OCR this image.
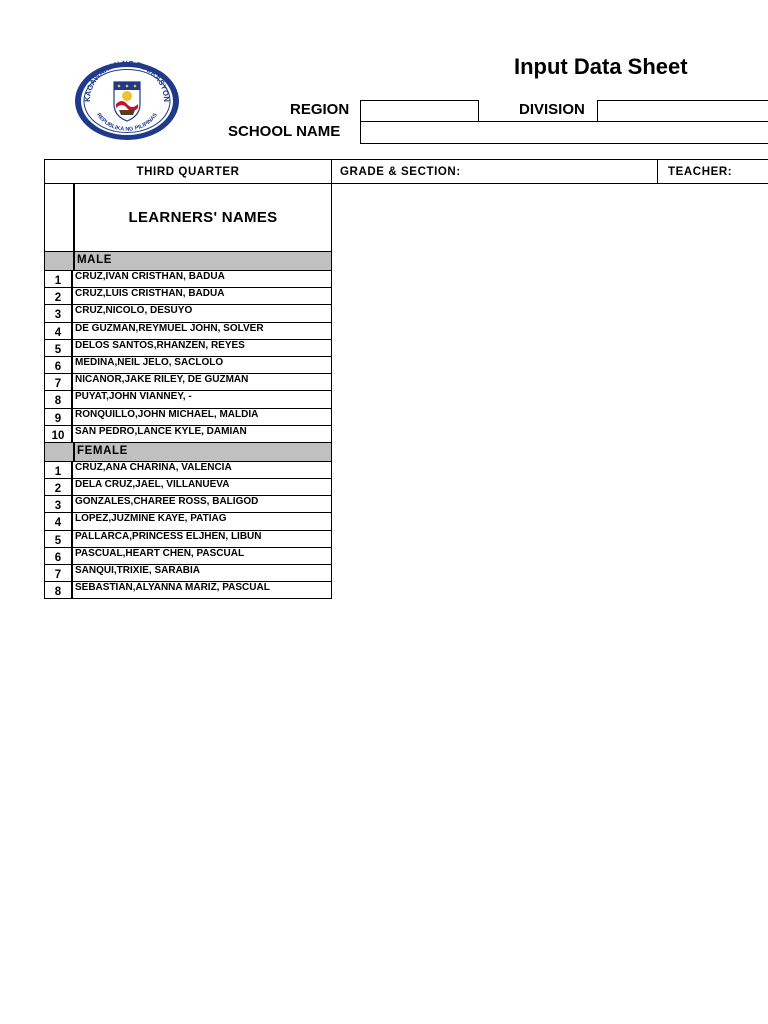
KAGAWARAN NG EDUKASYON
REPUBLIKA NG PILIPINAS
Input Data Sheet
REGION	DIVISION
SCHOOL NAME
THIRD QUARTER	GRADE & SECTION:	TEACHER:
LEARNERS' NAMES
MALE
1	CRUZ,IVAN CRISTHAN, BADUA
2	CRUZ,LUIS CRISTHAN, BADUA
3	CRUZ,NICOLO, DESUYO
4	DE GUZMAN,REYMUEL JOHN, SOLVER
5	DELOS SANTOS,RHANZEN, REYES
6	MEDINA,NEIL JELO, SACLOLO
7	NICANOR,JAKE RILEY, DE GUZMAN
8	PUYAT,JOHN VIANNEY, -
9	RONQUILLO,JOHN MICHAEL, MALDIA
10	SAN PEDRO,LANCE KYLE, DAMIAN
FEMALE
1	CRUZ,ANA CHARINA, VALENCIA
2	DELA CRUZ,JAEL, VILLANUEVA
3	GONZALES,CHAREE ROSS, BALIGOD
4	LOPEZ,JUZMINE KAYE, PATIAG
5	PALLARCA,PRINCESS ELJHEN, LIBUN
6	PASCUAL,HEART CHEN, PASCUAL
7	SANQUI,TRIXIE, SARABIA
8	SEBASTIAN,ALYANNA MARIZ, PASCUAL
